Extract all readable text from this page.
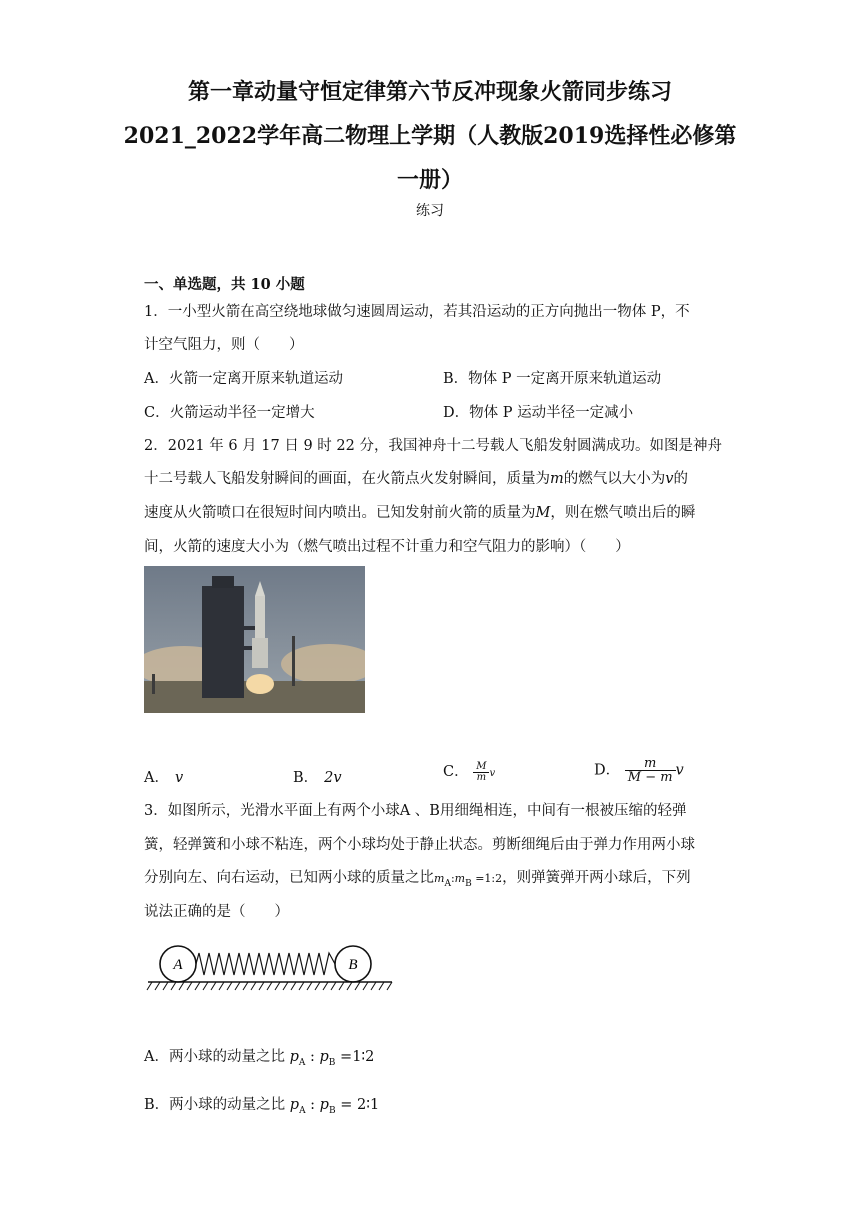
第一章动量守恒定律第六节反冲现象火箭同步练习
2021_2022学年高二物理上学期（人教版2019选择性必修第
一册）
练习
一、单选题，共 10 小题
1．一小型火箭在高空绕地球做匀速圆周运动，若其沿运动的正方向抛出一物体 P，不
计空气阻力，则（　　）
A．火箭一定离开原来轨道运动	B．物体 P 一定离开原来轨道运动
C．火箭运动半径一定增大	D．物体 P 运动半径一定减小
2．2021 年 6 月 17 日 9 时 22 分，我国神舟十二号载人飞船发射圆满成功。如图是神舟
十二号载人飞船发射瞬间的画面，在火箭点火发射瞬间，质量为m的燃气以大小为v的
速度从火箭喷口在很短时间内喷出。已知发射前火箭的质量为M，则在燃气喷出后的瞬
间，火箭的速度大小为（燃气喷出过程不计重力和空气阻力的影响）（　　）
A． v	B． 2v	C． $\frac{M}{m}$ v	D． $\frac{m}{M - m}$ v
3．如图所示，光滑水平面上有两个小球A 、B用细绳相连，中间有一根被压缩的轻弹
簧，轻弹簧和小球不粘连，两个小球均处于静止状态。剪断细绳后由于弹力作用两小球
分别向左、向右运动，已知两小球的质量之比$m_A:m_B$ =1:2，则弹簧弹开两小球后，下列
说法正确的是（　　）
A	B
A．两小球的动量之比 $p_A$ : $p_B$ =1∶2
B．两小球的动量之比 $p_A$ : $p_B$ = 2∶1
